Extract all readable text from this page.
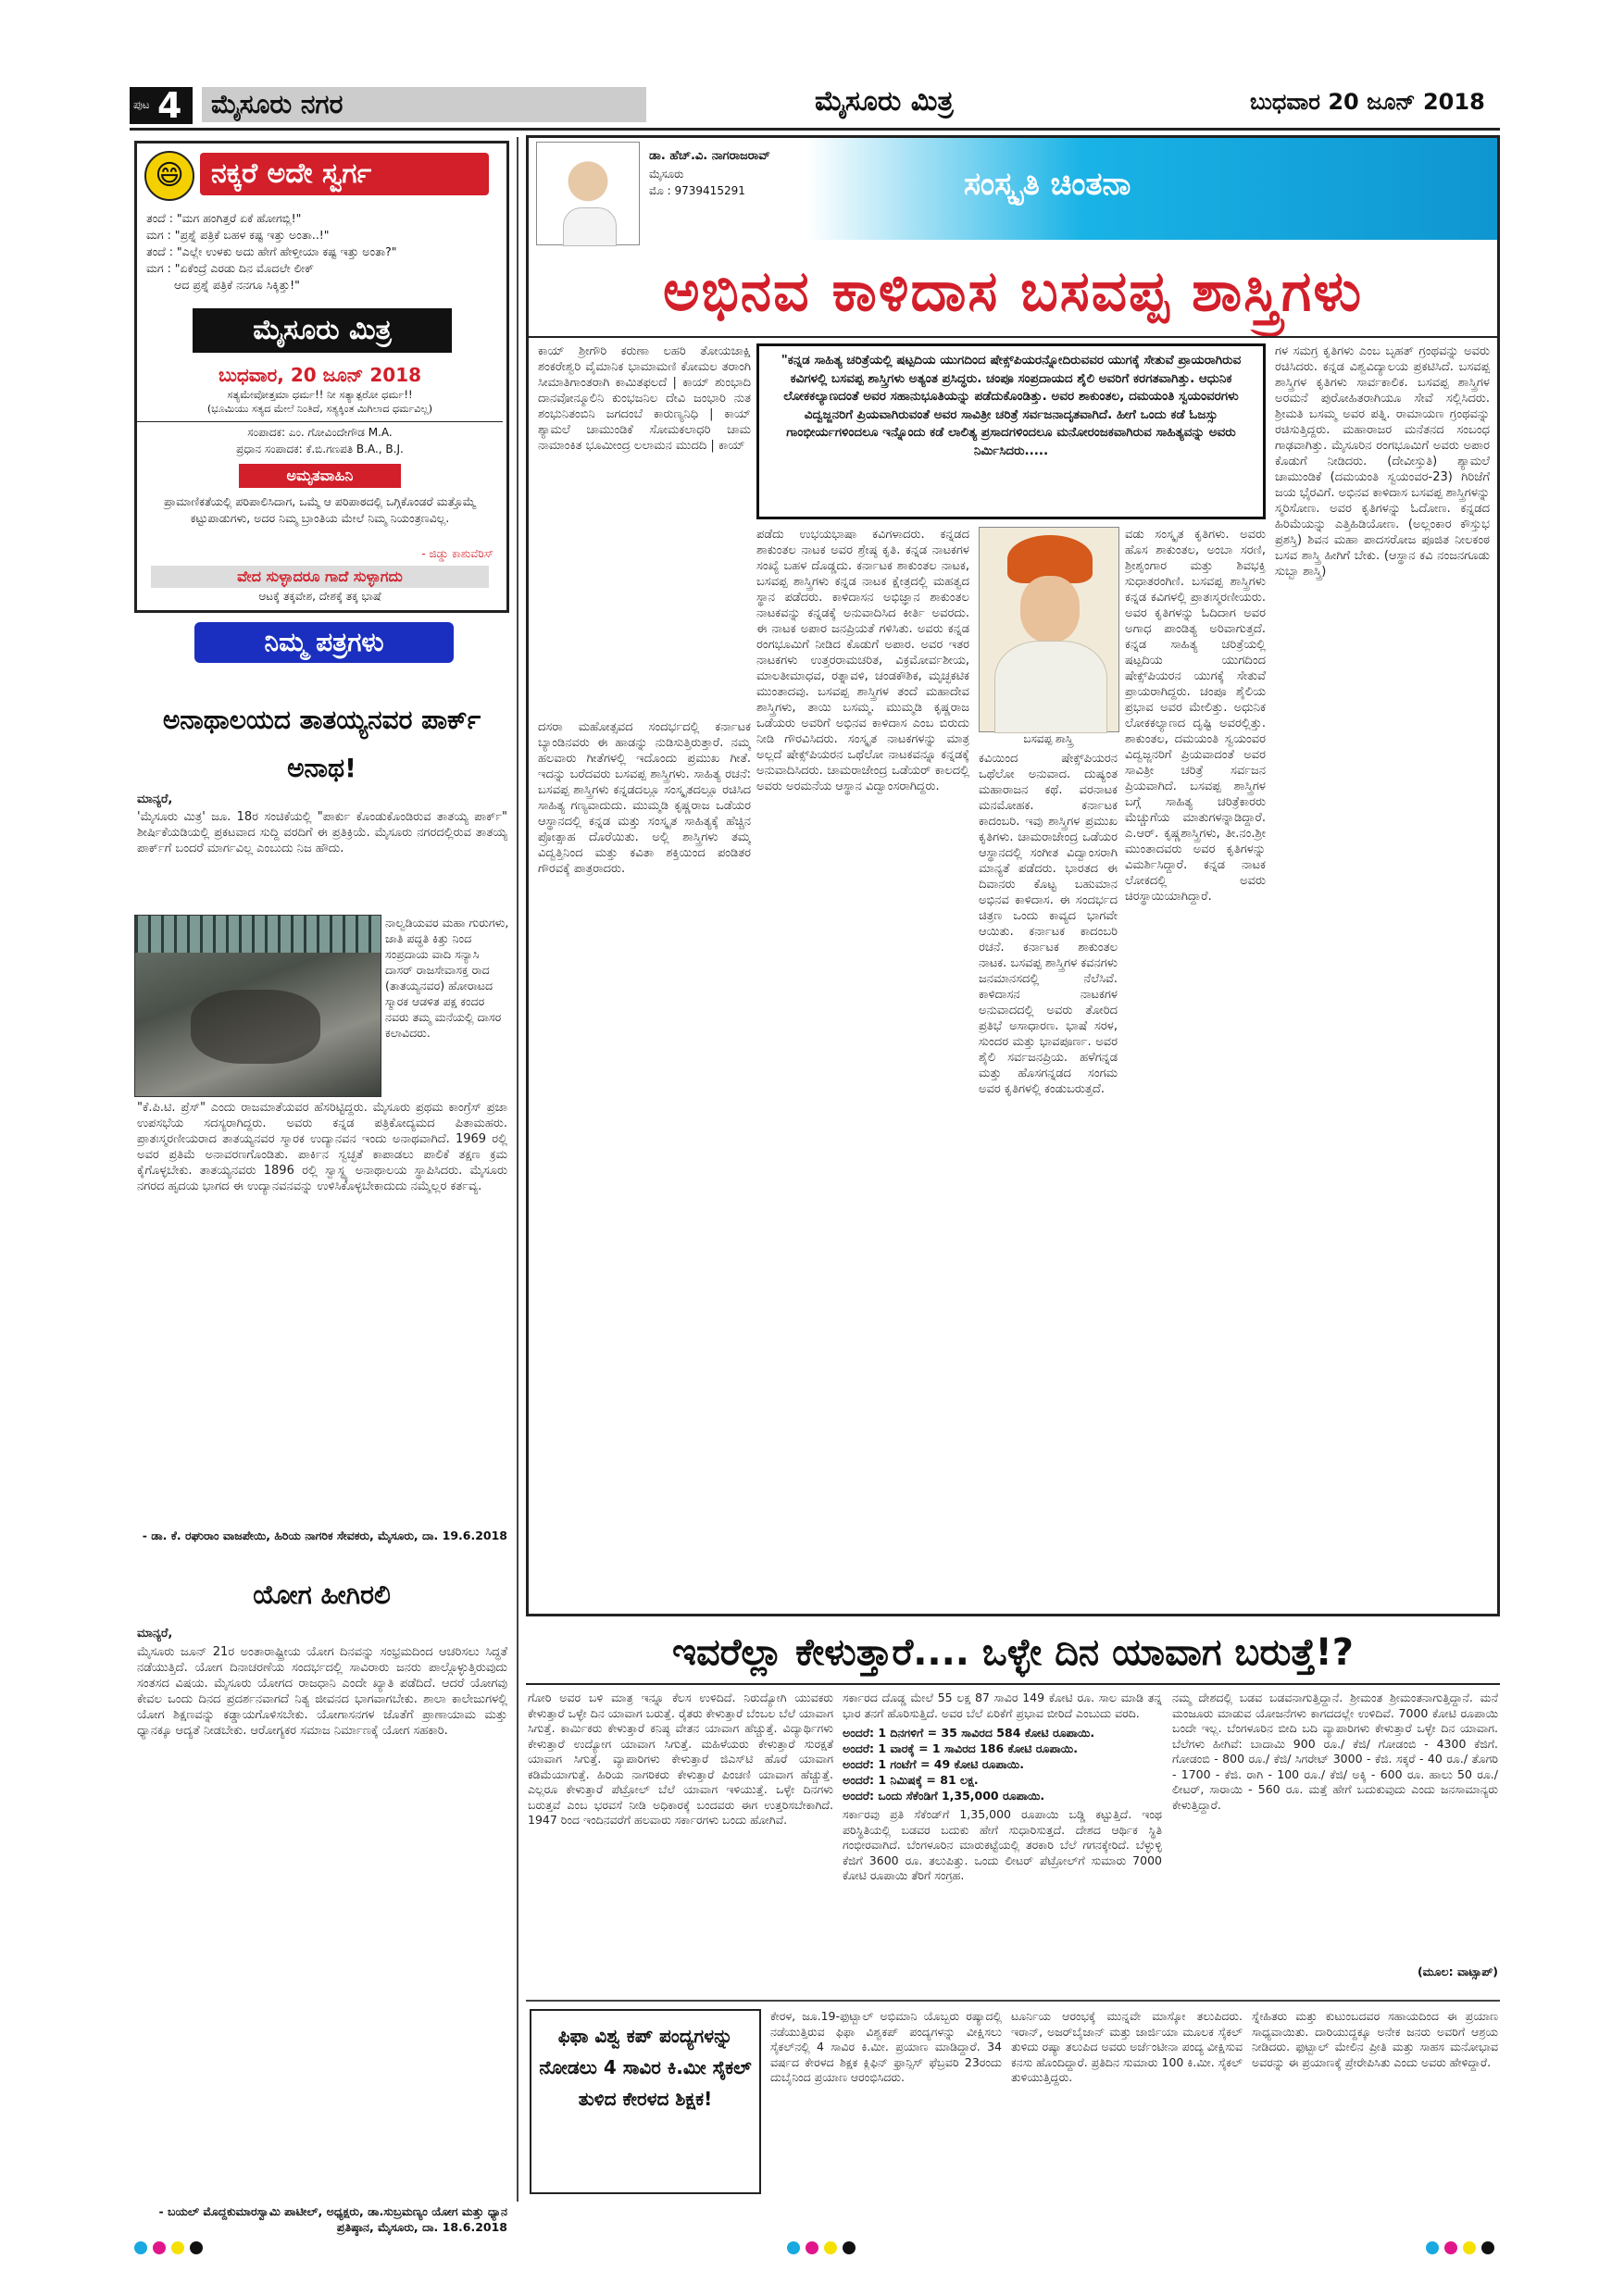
ಪುಟ 4	ಮೈಸೂರು ನಗರ	ಮೈಸೂರು ಮಿತ್ರ	ಬುಧವಾರ 20 ಜೂನ್ 2018
😄 ನಕ್ಕರೆ ಅದೇ ಸ್ವರ್ಗ
ತಂದೆ : "ಮಗ ಹಂಗಿತ್ತರೆ ಏಕೆ ಹೋಗಬ್ಲಿ!"
ಮಗ : "ಪ್ರಶ್ನೆ ಪತ್ರಿಕೆ ಬಹಳ ಕಷ್ಟ ಇತ್ತು ಅಂತಾ..!"
ತಂದೆ : "ಎಲ್ಲೇ ಉಳಕು ಅದು ಹೇಗೆ ಹೇಳ್ತೀಯಾ ಕಷ್ಟ ಇತ್ತು ಅಂತಾ?"
ಮಗ : "ಏಕೆಂದ್ರೆ ಎರಡು ದಿನ ಮೊದಲೇ ಲೀಕ್
ಆದ ಪ್ರಶ್ನೆ ಪತ್ರಿಕೆ ನನಗೂ ಸಿಕ್ಕಿತ್ತು!"
ಮೈಸೂರು ಮಿತ್ರ
ಬುಧವಾರ, 20 ಜೂನ್ 2018
ಸತ್ಯಮೇವೋತ್ತಮಾ ಧರ್ಮ!! ನೀ ಸತ್ಯಾತ್ಪರೋ ಧರ್ಮ!!
(ಭೂಮಿಯು ಸತ್ಯದ ಮೇಲೆ ನಿಂತಿದೆ, ಸತ್ಯಕ್ಕಿಂತ ಮಿಗಿಲಾದ ಧರ್ಮವಿಲ್ಲ)
ಸಂಪಾದಕ: ಎಂ. ಗೋವಿಂದೇಗೌಡ M.A.
ಪ್ರಧಾನ ಸಂಪಾದಕ: ಕೆ.ಬಿ.ಗಣಪತಿ B.A., B.J.
ಅಮೃತವಾಹಿನಿ
ಪ್ರಾಮಾಣಿಕತೆಯಲ್ಲಿ ಪರಿಪಾಲಿಸಿದಾಗ, ಒಮ್ಮೆ ಆ ಪರಿಪಾಠದಲ್ಲಿ ಒಗ್ಗಿಕೊಂಡರೆ ಮತ್ತೊಮ್ಮೆ ಕಟ್ಟುಪಾಡುಗಳು, ಅದರ ನಿಮ್ಮ ಬ್ರಾಂತಿಯ ಮೇಲೆ ನಿಮ್ಮ ನಿಯಂತ್ರಣವಿಲ್ಲ.
- ಜಿಡ್ಡು ಕಾಶುವೆರಿಸ್
ವೇದ ಸುಳ್ಳಾದರೂ ಗಾದೆ ಸುಳ್ಳಾಗದು
ಆಟಕ್ಕೆ ತಕ್ಕವೇಶ, ದೇಶಕ್ಕೆ ತಕ್ಕ ಭಾಷೆ
ನಿಮ್ಮ ಪತ್ರಗಳು
ಅನಾಥಾಲಯದ ತಾತಯ್ಯನವರ ಪಾರ್ಕ್ ಅನಾಥ!
ಮಾನ್ಯರೆ,
'ಮೈಸೂರು ಮಿತ್ರ' ಜೂ. 18ರ ಸಂಚಿಕೆಯಲ್ಲಿ "ಪಾರ್ಕು ಕೊಂಡುಕೊಂಡಿರುವ ತಾತಯ್ಯ ಪಾರ್ಕ್" ಶೀರ್ಷಿಕೆಯಡಿಯಲ್ಲಿ ಪ್ರಕಟವಾದ ಸುದ್ದಿ ವರದಿಗೆ ಈ ಪ್ರತಿಕ್ರಿಯೆ. ಮೈಸೂರು ನಗರದಲ್ಲಿರುವ ತಾತಯ್ಯ ಪಾರ್ಕ್‌ಗೆ ಬಂದರೆ ಮಾರ್ಗವಿಲ್ಲ ಎಂಬುದು ನಿಜ ಹೌದು.
ನಾಲ್ವಡಿಯವರ ಮಹಾ ಗುರುಗಳು, ಜಾತಿ ಪದ್ಧತಿ ಕಿತ್ತು ನಿಂದ ಸಂಪ್ರದಾಯ ವಾದಿ ಸನ್ಯಾಸಿ ದಾಸರ್‌ ರಾಜಸೇವಾಸಕ್ತ ರಾದ (ತಾತಯ್ಯನವರ) ಹೋರಾಟದ ಸ್ಮಾರಕ ಆಡಳಿತ ಪಕ್ಷ ಕಂದರ ನವರು ತಮ್ಮ ಮನೆಯಲ್ಲಿ ದಾಸರ ಕಲಾವಿದರು.
"ಕೆ.ಪಿ.ಟಿ. ಪ್ರೆಸ್" ಎಂದು ರಾಜಮಾತೆಯವರ ಹೆಸರಿಟ್ಟಿದ್ದರು. ಮೈಸೂರು ಪ್ರಥಮ ಕಾಂಗ್ರೆಸ್ ಪ್ರಜಾ ಉಪಸಭೆಯ ಸದಸ್ಯರಾಗಿದ್ದರು. ಅವರು ಕನ್ನಡ ಪತ್ರಿಕೋದ್ಯಮದ ಪಿತಾಮಹರು. ಪ್ರಾತಃಸ್ಮರಣೀಯರಾದ ತಾತಯ್ಯನವರ ಸ್ಮಾರಕ ಉದ್ಯಾನವನ ಇಂದು ಅನಾಥವಾಗಿದೆ. 1969 ರಲ್ಲಿ ಅವರ ಪ್ರತಿಮೆ ಅನಾವರಣಗೊಂಡಿತು. ಪಾರ್ಕಿನ ಸ್ವಚ್ಛತೆ ಕಾಪಾಡಲು ಪಾಲಿಕೆ ತಕ್ಷಣ ಕ್ರಮ ಕೈಗೊಳ್ಳಬೇಕು. ತಾತಯ್ಯನವರು 1896 ರಲ್ಲಿ ಸ್ವಾಸ್ಥ್ಯ ಅನಾಥಾಲಯ ಸ್ಥಾಪಿಸಿದರು. ಮೈಸೂರು ನಗರದ ಹೃದಯ ಭಾಗದ ಈ ಉದ್ಯಾನವನವನ್ನು ಉಳಿಸಿಕೊಳ್ಳಬೇಕಾದುದು ನಮ್ಮೆಲ್ಲರ ಕರ್ತವ್ಯ.
- ಡಾ. ಕೆ. ರಘುರಾಂ ವಾಜಪೇಯಿ, ಹಿರಿಯ ನಾಗರಿಕ ಸೇವಕರು, ಮೈಸೂರು, ದಾ. 19.6.2018
ಯೋಗ ಹೀಗಿರಲಿ
ಮಾನ್ಯರೆ,
ಮೈಸೂರು ಜೂನ್ 21ರ ಅಂತಾರಾಷ್ಟ್ರೀಯ ಯೋಗ ದಿನವನ್ನು ಸಂಭ್ರಮದಿಂದ ಆಚರಿಸಲು ಸಿದ್ಧತೆ ನಡೆಯುತ್ತಿದೆ. ಯೋಗ ದಿನಾಚರಣೆಯ ಸಂದರ್ಭದಲ್ಲಿ ಸಾವಿರಾರು ಜನರು ಪಾಲ್ಗೊಳ್ಳುತ್ತಿರುವುದು ಸಂತಸದ ವಿಷಯ. ಮೈಸೂರು ಯೋಗದ ರಾಜಧಾನಿ ಎಂದೇ ಖ್ಯಾತಿ ಪಡೆದಿದೆ. ಆದರೆ ಯೋಗವು ಕೇವಲ ಒಂದು ದಿನದ ಪ್ರದರ್ಶನವಾಗದೆ ನಿತ್ಯ ಜೀವನದ ಭಾಗವಾಗಬೇಕು. ಶಾಲಾ ಕಾಲೇಜುಗಳಲ್ಲಿ ಯೋಗ ಶಿಕ್ಷಣವನ್ನು ಕಡ್ಡಾಯಗೊಳಿಸಬೇಕು. ಯೋಗಾಸನಗಳ ಜೊತೆಗೆ ಪ್ರಾಣಾಯಾಮ ಮತ್ತು ಧ್ಯಾನಕ್ಕೂ ಆದ್ಯತೆ ನೀಡಬೇಕು. ಆರೋಗ್ಯಕರ ಸಮಾಜ ನಿರ್ಮಾಣಕ್ಕೆ ಯೋಗ ಸಹಕಾರಿ.
- ಬಯಲ್ ಮೊದ್ದಕುಮಾರಸ್ವಾಮಿ ಪಾಟೀಲ್, ಅಧ್ಯಕ್ಷರು, ಡಾ.ಸುಬ್ರಮಣ್ಯಂ ಯೋಗ ಮತ್ತು ಧ್ಯಾನ ಪ್ರತಿಷ್ಠಾನ, ಮೈಸೂರು, ದಾ. 18.6.2018
ಡಾ. ಹೆಚ್.ವಿ. ನಾಗರಾಜರಾವ್
ಮೈಸೂರು
ಮೊ : 9739415291	ಸಂಸ್ಕೃತಿ ಚಿಂತನಾ
ಅಭಿನವ ಕಾಳಿದಾಸ ಬಸವಪ್ಪ ಶಾಸ್ತ್ರಿಗಳು
ಕಾಯ್ ಶ್ರೀಗೌರಿ ಕರುಣಾ ಲಹರಿ ತೋಯಜಾಕ್ಷಿ ಶಂಕರೇಶ್ವರಿ ವೈಮಾನಿಕ ಭಾಮಾಮಣಿ ಕೋಮಲ ತರಾಂಗಿ ಸೀಮಾತಿಗಾಂತರಾಗಿ ಕಾಮಿತಫಲದೆ | ಕಾಯ್ ಶುಂಭಾದಿ ದಾನವೋನ್ಮೂಲಿನಿ ಕುಂಭಜನಿಲ ದೇವಿ ಜಂಭಾರಿ ನುತ ಶಂಭುನಿತಂಬಿನಿ ಜಗದಂಬೆ ಕಾರುಣ್ಯನಿಧಿ | ಕಾಯ್ ಶ್ಯಾಮಲೆ ಚಾಮುಂಡಿಕೆ ಸೋಮಕಲಾಧರಿ ಚಾಮ ನಾಮಾಂಕಿತ ಭೂಮೀಂದ್ರ ಲಲಾಮನ ಮುದದಿ | ಕಾಯ್
ದಸರಾ ಮಹೋತ್ಸವದ ಸಂದರ್ಭದಲ್ಲಿ ಕರ್ನಾಟಕ ಬ್ಯಾಂಡಿನವರು ಈ ಹಾಡನ್ನು ನುಡಿಸುತ್ತಿರುತ್ತಾರೆ. ನಮ್ಮ ಹಲವಾರು ಗೀತೆಗಳಲ್ಲಿ ಇದೊಂದು ಪ್ರಮುಖ ಗೀತೆ. ಇದನ್ನು ಬರೆದವರು ಬಸವಪ್ಪ ಶಾಸ್ತ್ರಿಗಳು. ಸಾಹಿತ್ಯ ರಚನೆ: ಬಸವಪ್ಪ ಶಾಸ್ತ್ರಿಗಳು ಕನ್ನಡದಲ್ಲೂ ಸಂಸ್ಕೃತದಲ್ಲೂ ರಚಿಸಿದ ಸಾಹಿತ್ಯ ಗಣ್ಯವಾದುದು. ಮುಮ್ಮಡಿ ಕೃಷ್ಣರಾಜ ಒಡೆಯರ ಆಸ್ಥಾನದಲ್ಲಿ ಕನ್ನಡ ಮತ್ತು ಸಂಸ್ಕೃತ ಸಾಹಿತ್ಯಕ್ಕೆ ಹೆಚ್ಚಿನ ಪ್ರೋತ್ಸಾಹ ದೊರೆಯಿತು. ಅಲ್ಲಿ ಶಾಸ್ತ್ರಿಗಳು ತಮ್ಮ ವಿದ್ವತ್ತಿನಿಂದ ಮತ್ತು ಕವಿತಾ ಶಕ್ತಿಯಿಂದ ಪಂಡಿತರ ಗೌರವಕ್ಕೆ ಪಾತ್ರರಾದರು.
"ಕನ್ನಡ ಸಾಹಿತ್ಯ ಚರಿತ್ರೆಯಲ್ಲಿ ಷಟ್ಪದಿಯ ಯುಗದಿಂದ ಷೇಕ್ಸ್‌ಪಿಯರನ್ನೋದಿರುವವರ ಯುಗಕ್ಕೆ ಸೇತುವೆ ಪ್ರಾಯರಾಗಿರುವ ಕವಿಗಳಲ್ಲಿ ಬಸವಪ್ಪ ಶಾಸ್ತ್ರಿಗಳು ಅತ್ಯಂತ ಪ್ರಸಿದ್ಧರು. ಚಂಪೂ ಸಂಪ್ರದಾಯದ ಶೈಲಿ ಅವರಿಗೆ ಕರಗತವಾಗಿತ್ತು. ಆಧುನಿಕ ಲೋಕಕಲ್ಯಾಣದಂತೆ ಅವರ ಸಹಾನುಭೂತಿಯನ್ನು ಪಡೆದುಕೊಂಡಿತ್ತು. ಅವರ ಶಾಕುಂತಲ, ದಮಯಂತಿ ಸ್ವಯಂವರಗಳು ವಿದ್ವಜ್ಜನರಿಗೆ ಪ್ರಿಯವಾಗಿರುವಂತೆ ಅವರ ಸಾವಿತ್ರೀ ಚರಿತ್ರೆ ಸರ್ವಜನಾದೃತವಾಗಿದೆ. ಹೀಗೆ ಒಂದು ಕಡೆ ಓಜಸ್ಸು ಗಾಂಭೀರ್ಯಗಳಿಂದಲೂ ಇನ್ನೊಂದು ಕಡೆ ಲಾಲಿತ್ಯ ಪ್ರಸಾದಗಳಿಂದಲೂ ಮನೋರಂಜಕವಾಗಿರುವ ಸಾಹಿತ್ಯವನ್ನು ಅವರು ನಿರ್ಮಿಸಿದರು.....
ಪಡೆದು ಉಭಯಭಾಷಾ ಕವಿಗಳಾದರು. ಕನ್ನಡದ ಶಾಕುಂತಲ ನಾಟಕ ಅವರ ಶ್ರೇಷ್ಠ ಕೃತಿ. ಕನ್ನಡ ನಾಟಕಗಳ ಸಂಖ್ಯೆ ಬಹಳ ದೊಡ್ಡದು. ಕರ್ನಾಟಕ ಶಾಕುಂತಲ ನಾಟಕ, ಬಸವಪ್ಪ ಶಾಸ್ತ್ರಿಗಳು ಕನ್ನಡ ನಾಟಕ ಕ್ಷೇತ್ರದಲ್ಲಿ ಮಹತ್ವದ ಸ್ಥಾನ ಪಡೆದರು. ಕಾಳಿದಾಸನ ಅಭಿಜ್ಞಾನ ಶಾಕುಂತಲ ನಾಟಕವನ್ನು ಕನ್ನಡಕ್ಕೆ ಅನುವಾದಿಸಿದ ಕೀರ್ತಿ ಅವರದು. ಈ ನಾಟಕ ಅಪಾರ ಜನಪ್ರಿಯತೆ ಗಳಿಸಿತು. ಅವರು ಕನ್ನಡ ರಂಗಭೂಮಿಗೆ ನೀಡಿದ ಕೊಡುಗೆ ಅಪಾರ. ಅವರ ಇತರ ನಾಟಕಗಳು ಉತ್ತರರಾಮಚರಿತ, ವಿಕ್ರಮೋರ್ವಶೀಯ, ಮಾಲತೀಮಾಧವ, ರತ್ನಾವಳಿ, ಚಂಡಕೌಶಿಕ, ಮೃಚ್ಛಕಟಿಕ ಮುಂತಾದವು. ಬಸವಪ್ಪ ಶಾಸ್ತ್ರಿಗಳ ತಂದೆ ಮಹಾದೇವ ಶಾಸ್ತ್ರಿಗಳು, ತಾಯಿ ಬಸಮ್ಮ. ಮುಮ್ಮಡಿ ಕೃಷ್ಣರಾಜ ಒಡೆಯರು ಅವರಿಗೆ ಅಭಿನವ ಕಾಳಿದಾಸ ಎಂಬ ಬಿರುದು ನೀಡಿ ಗೌರವಿಸಿದರು. ಸಂಸ್ಕೃತ ನಾಟಕಗಳನ್ನು ಮಾತ್ರ ಅಲ್ಲದೆ ಷೇಕ್ಸ್‌ಪಿಯರನ ಒಥೆಲೋ ನಾಟಕವನ್ನೂ ಕನ್ನಡಕ್ಕೆ ಅನುವಾದಿಸಿದರು. ಚಾಮರಾಜೇಂದ್ರ ಒಡೆಯರ್ ಕಾಲದಲ್ಲಿ ಅವರು ಅರಮನೆಯ ಆಸ್ಥಾನ ವಿದ್ವಾಂಸರಾಗಿದ್ದರು.
ಬಸವಪ್ಪ ಶಾಸ್ತ್ರಿ
ಕವಿಯಿಂದ ಷೇಕ್ಸ್‌ಪಿಯರನ ಒಥೆಲೋ ಅನುವಾದ. ದುಷ್ಯಂತ ಮಹಾರಾಜನ ಕಥೆ. ವರನಾಟಕ ಮನಮೋಹಕ. ಕರ್ನಾಟಕ ಕಾದಂಬರಿ. ಇವು ಶಾಸ್ತ್ರಿಗಳ ಪ್ರಮುಖ ಕೃತಿಗಳು. ಚಾಮರಾಜೇಂದ್ರ ಒಡೆಯರ ಆಸ್ಥಾನದಲ್ಲಿ ಸಂಗೀತ ವಿದ್ವಾಂಸರಾಗಿ ಮಾನ್ಯತೆ ಪಡೆದರು. ಭಾರತದ ಈ ದಿವಾನರು ಕೊಟ್ಟ ಬಹುಮಾನ ಅಭಿನವ ಕಾಳಿದಾಸ. ಈ ಸಂದರ್ಭದ ಚಿತ್ರಣ ಒಂದು ಕಾವ್ಯದ ಭಾಗವೇ ಆಯಿತು. ಕರ್ನಾಟಕ ಕಾದಂಬರಿ ರಚನೆ. ಕರ್ನಾಟಕ ಶಾಕುಂತಲ ನಾಟಕ. ಬಸವಪ್ಪ ಶಾಸ್ತ್ರಿಗಳ ಕವನಗಳು ಜನಮಾನಸದಲ್ಲಿ ನೆಲೆಸಿವೆ. ಕಾಳಿದಾಸನ ನಾಟಕಗಳ ಅನುವಾದದಲ್ಲಿ ಅವರು ತೋರಿದ ಪ್ರತಿಭೆ ಅಸಾಧಾರಣ. ಭಾಷೆ ಸರಳ, ಸುಂದರ ಮತ್ತು ಭಾವಪೂರ್ಣ. ಅವರ ಶೈಲಿ ಸರ್ವಜನಪ್ರಿಯ. ಹಳೆಗನ್ನಡ ಮತ್ತು ಹೊಸಗನ್ನಡದ ಸಂಗಮ ಅವರ ಕೃತಿಗಳಲ್ಲಿ ಕಂಡುಬರುತ್ತದೆ.
ವಡು ಸಂಸ್ಕೃತ ಕೃತಿಗಳು. ಅವರು ಹೊಸ ಶಾಕುಂತಲ, ಅಂಬಾ ಸರಣಿ, ಶ್ರೀಶೃಂಗಾರ ಮತ್ತು ಶಿವಭಕ್ತಿ ಸುಧಾತರಂಗಿಣಿ. ಬಸವಪ್ಪ ಶಾಸ್ತ್ರಿಗಳು ಕನ್ನಡ ಕವಿಗಳಲ್ಲಿ ಪ್ರಾತಃಸ್ಮರಣೀಯರು. ಅವರ ಕೃತಿಗಳನ್ನು ಓದಿದಾಗ ಅವರ ಅಗಾಧ ಪಾಂಡಿತ್ಯ ಅರಿವಾಗುತ್ತದೆ. ಕನ್ನಡ ಸಾಹಿತ್ಯ ಚರಿತ್ರೆಯಲ್ಲಿ ಷಟ್ಪದಿಯ ಯುಗದಿಂದ ಷೇಕ್ಸ್‌ಪಿಯರನ ಯುಗಕ್ಕೆ ಸೇತುವೆ ಪ್ರಾಯರಾಗಿದ್ದರು. ಚಂಪೂ ಶೈಲಿಯ ಪ್ರಭಾವ ಅವರ ಮೇಲಿತ್ತು. ಅಧುನಿಕ ಲೋಕಕಲ್ಯಾಣದ ದೃಷ್ಟಿ ಅವರಲ್ಲಿತ್ತು. ಶಾಕುಂತಲ, ದಮಯಂತಿ ಸ್ವಯಂವರ ವಿದ್ವಜ್ಜನರಿಗೆ ಪ್ರಿಯವಾದಂತೆ ಅವರ ಸಾವಿತ್ರೀ ಚರಿತ್ರೆ ಸರ್ವಜನ ಪ್ರಿಯವಾಗಿದೆ. ಬಸವಪ್ಪ ಶಾಸ್ತ್ರಿಗಳ ಬಗ್ಗೆ ಸಾಹಿತ್ಯ ಚರಿತ್ರೆಕಾರರು ಮೆಚ್ಚುಗೆಯ ಮಾತುಗಳನ್ನಾಡಿದ್ದಾರೆ. ಎ.ಆರ್. ಕೃಷ್ಣಶಾಸ್ತ್ರಿಗಳು, ತೀ.ನಂ.ಶ್ರೀ ಮುಂತಾದವರು ಅವರ ಕೃತಿಗಳನ್ನು ವಿಮರ್ಶಿಸಿದ್ದಾರೆ. ಕನ್ನಡ ನಾಟಕ ಲೋಕದಲ್ಲಿ ಅವರು ಚಿರಸ್ಥಾಯಿಯಾಗಿದ್ದಾರೆ.
ಗಳ ಸಮಗ್ರ ಕೃತಿಗಳು ಎಂಬ ಬೃಹತ್ ಗ್ರಂಥವನ್ನು ಅವರು ರಚಿಸಿದರು. ಕನ್ನಡ ವಿಶ್ವವಿದ್ಯಾಲಯ ಪ್ರಕಟಿಸಿದೆ. ಬಸವಪ್ಪ ಶಾಸ್ತ್ರಿಗಳ ಕೃತಿಗಳು ಸಾರ್ವಕಾಲಿಕ. ಬಸವಪ್ಪ ಶಾಸ್ತ್ರಿಗಳ ಅರಮನೆ ಪುರೋಹಿತರಾಗಿಯೂ ಸೇವೆ ಸಲ್ಲಿಸಿದರು. ಶ್ರೀಮತಿ ಬಸಮ್ಮ ಅವರ ಪತ್ನಿ. ರಾಮಾಯಣ ಗ್ರಂಥವನ್ನು ರಚಿಸುತ್ತಿದ್ದರು. ಮಹಾರಾಜರ ಮನೆತನದ ಸಂಬಂಧ ಗಾಢವಾಗಿತ್ತು. ಮೈಸೂರಿನ ರಂಗಭೂಮಿಗೆ ಅವರು ಅಪಾರ ಕೊಡುಗೆ ನೀಡಿದರು. (ದೇವೀಸ್ತುತಿ) ಶ್ಯಾಮಲೆ ಚಾಮುಂಡಿಕೆ (ದಮಯಂತಿ ಸ್ವಯಂವರ-23) ಗಿರಿಜೆಗೆ ಜಯ ಭೈರವಿಗೆ. ಅಭಿನವ ಕಾಳಿದಾಸ ಬಸವಪ್ಪ ಶಾಸ್ತ್ರಿಗಳನ್ನು ಸ್ಮರಿಸೋಣ. ಅವರ ಕೃತಿಗಳನ್ನು ಓದೋಣ. ಕನ್ನಡದ ಹಿರಿಮೆಯನ್ನು ಎತ್ತಿಹಿಡಿಯೋಣ. (ಅಲ್ಲಂಕಾರ ಕೌಸ್ತುಭ ಪ್ರಶಸ್ತಿ) ಶಿವನ ಮಹಾ ಪಾದಸರೋಜ ಪೂಜಿತ ನೀಲಕಂಠ ಬಸವ ಶಾಸ್ತ್ರಿ ಹೀಗಿಗೆ ಬೇಕು. (ಆಸ್ಥಾನ ಕವಿ ನಂಜನಗೂಡು ಸುಬ್ಬಾ ಶಾಸ್ತ್ರಿ)
ಇವರೆಲ್ಲಾ ಕೇಳುತ್ತಾರೆ.... ಒಳ್ಳೇ ದಿನ ಯಾವಾಗ ಬರುತ್ತೆ!?
ಗೋರಿ ಅವರ ಬಳಿ ಮಾತ್ರ ಇನ್ನೂ ಕೆಲಸ ಉಳಿದಿದೆ. ನಿರುದ್ಯೋಗಿ ಯುವಕರು ಕೇಳುತ್ತಾರೆ ಒಳ್ಳೇ ದಿನ ಯಾವಾಗ ಬರುತ್ತೆ. ರೈತರು ಕೇಳುತ್ತಾರೆ ಬೆಂಬಲ ಬೆಲೆ ಯಾವಾಗ ಸಿಗುತ್ತೆ. ಕಾರ್ಮಿಕರು ಕೇಳುತ್ತಾರೆ ಕನಿಷ್ಠ ವೇತನ ಯಾವಾಗ ಹೆಚ್ಚುತ್ತೆ. ವಿದ್ಯಾರ್ಥಿಗಳು ಕೇಳುತ್ತಾರೆ ಉದ್ಯೋಗ ಯಾವಾಗ ಸಿಗುತ್ತೆ. ಮಹಿಳೆಯರು ಕೇಳುತ್ತಾರೆ ಸುರಕ್ಷತೆ ಯಾವಾಗ ಸಿಗುತ್ತೆ. ವ್ಯಾಪಾರಿಗಳು ಕೇಳುತ್ತಾರೆ ಜಿಎಸ್‌ಟಿ ಹೊರೆ ಯಾವಾಗ ಕಡಿಮೆಯಾಗುತ್ತೆ. ಹಿರಿಯ ನಾಗರಿಕರು ಕೇಳುತ್ತಾರೆ ಪಿಂಚಣಿ ಯಾವಾಗ ಹೆಚ್ಚುತ್ತೆ. ಎಲ್ಲರೂ ಕೇಳುತ್ತಾರೆ ಪೆಟ್ರೋಲ್ ಬೆಲೆ ಯಾವಾಗ ಇಳಿಯುತ್ತೆ. ಒಳ್ಳೇ ದಿನಗಳು ಬರುತ್ತವೆ ಎಂಬ ಭರವಸೆ ನೀಡಿ ಅಧಿಕಾರಕ್ಕೆ ಬಂದವರು ಈಗ ಉತ್ತರಿಸಬೇಕಾಗಿದೆ. 1947 ರಿಂದ ಇಂದಿನವರೆಗೆ ಹಲವಾರು ಸರ್ಕಾರಗಳು ಬಂದು ಹೋಗಿವೆ.
ಸರ್ಕಾರದ ದೊಡ್ಡ ಮೇಲೆ 55 ಲಕ್ಷ 87 ಸಾವಿರ 149 ಕೋಟಿ ರೂ. ಸಾಲ ಮಾಡಿ ತನ್ನ ಭಾರ ತನಗೆ ಹೊರಿಸುತ್ತಿದೆ. ಅವರ ಬೆಲೆ ಏರಿಕೆಗೆ ಪ್ರಭಾವ ಬೀರಿದೆ ಎಂಬುದು ವರದಿ.
ಅಂದರೆ: 1 ದಿನಗಳಿಗೆ = 35 ಸಾವಿರದ 584 ಕೋಟಿ ರೂಪಾಯಿ.
ಅಂದರೆ: 1 ವಾರಕ್ಕೆ = 1 ಸಾವಿರದ 186 ಕೋಟಿ ರೂಪಾಯಿ.
ಅಂದರೆ: 1 ಗಂಟೆಗೆ = 49 ಕೋಟಿ ರೂಪಾಯಿ.
ಅಂದರೆ: 1 ನಿಮಿಷಕ್ಕೆ = 81 ಲಕ್ಷ.
ಅಂದರೆ: ಒಂದು ಸೆಕೆಂಡಿಗೆ 1,35,000 ರೂಪಾಯಿ.
ಸರ್ಕಾರವು ಪ್ರತಿ ಸೆಕೆಂಡ್‌ಗೆ 1,35,000 ರೂಪಾಯಿ ಬಡ್ಡಿ ಕಟ್ಟುತ್ತಿದೆ. ಇಂಥ ಪರಿಸ್ಥಿತಿಯಲ್ಲಿ ಬಡವರ ಬದುಕು ಹೇಗೆ ಸುಧಾರಿಸುತ್ತದೆ. ದೇಶದ ಆರ್ಥಿಕ ಸ್ಥಿತಿ ಗಂಭೀರವಾಗಿದೆ. ಬೆಂಗಳೂರಿನ ಮಾರುಕಟ್ಟೆಯಲ್ಲಿ ತರಕಾರಿ ಬೆಲೆ ಗಗನಕ್ಕೇರಿದೆ. ಬೆಳ್ಳುಳ್ಳಿ ಕೆಜಿಗೆ 3600 ರೂ. ತಲುಪಿತ್ತು. ಒಂದು ಲೀಟರ್ ಪೆಟ್ರೋಲ್‌ಗೆ ಸುಮಾರು 7000 ಕೋಟಿ ರೂಪಾಯಿ ತೆರಿಗೆ ಸಂಗ್ರಹ.
ನಮ್ಮ ದೇಶದಲ್ಲಿ ಬಡವ ಬಡವನಾಗುತ್ತಿದ್ದಾನೆ. ಶ್ರೀಮಂತ ಶ್ರೀಮಂತನಾಗುತ್ತಿದ್ದಾನೆ. ಮನೆ ಮಂಜೂರು ಮಾಡುವ ಯೋಜನೆಗಳು ಕಾಗದದಲ್ಲೇ ಉಳಿದಿವೆ. 7000 ಕೋಟಿ ರೂಪಾಯಿ ಬಂದೇ ಇಲ್ಲ. ಬೆಂಗಳೂರಿನ ಬೀದಿ ಬದಿ ವ್ಯಾಪಾರಿಗಳು ಕೇಳುತ್ತಾರೆ ಒಳ್ಳೇ ದಿನ ಯಾವಾಗ. ಬೆಲೆಗಳು ಹೀಗಿವೆ: ಬಾದಾಮಿ 900 ರೂ./ ಕೆಜಿ/ ಗೋಡಂಬಿ - 4300 ಕೆಜಿಗೆ. ಗೋಡಂಬಿ - 800 ರೂ./ ಕೆಜಿ/ ಸಿಗರೇಟ್ 3000 - ಕೆಜಿ. ಸಕ್ಕರೆ - 40 ರೂ./ ತೊಗರಿ - 1700 - ಕೆಜಿ. ರಾಗಿ - 100 ರೂ./ ಕೆಜಿ/ ಅಕ್ಕಿ - 600 ರೂ. ಹಾಲು 50 ರೂ./ ಲೀಟರ್, ಸಾರಾಯಿ - 560 ರೂ. ಮತ್ತೆ ಹೇಗೆ ಬದುಕುವುದು ಎಂದು ಜನಸಾಮಾನ್ಯರು ಕೇಳುತ್ತಿದ್ದಾರೆ.
(ಮೂಲ: ವಾಟ್ಸಾಪ್)
ಫಿಫಾ ವಿಶ್ವ ಕಪ್ ಪಂದ್ಯಗಳನ್ನು ನೋಡಲು 4 ಸಾವಿರ ಕಿ.ಮೀ ಸೈಕಲ್ ತುಳಿದ ಕೇರಳದ ಶಿಕ್ಷಕ!
ಕೇರಳ, ಜೂ.19-ಫುಟ್ಬಾಲ್ ಅಭಿಮಾನಿ ಯೊಬ್ಬರು ರಷ್ಯಾದಲ್ಲಿ ನಡೆಯುತ್ತಿರುವ ಫಿಫಾ ವಿಶ್ವಕಪ್ ಪಂದ್ಯಗಳನ್ನು ವೀಕ್ಷಿಸಲು ಸೈಕಲ್‌ನಲ್ಲಿ 4 ಸಾವಿರ ಕಿ.ಮೀ. ಪ್ರಯಾಣ ಮಾಡಿದ್ದಾರೆ. 34 ವರ್ಷದ ಕೇರಳದ ಶಿಕ್ಷಕ ಕ್ಲಿಫಿನ್ ಫ್ರಾನ್ಸಿಸ್ ಫೆಬ್ರವರಿ 23ರಂದು ದುಬೈನಿಂದ ಪ್ರಯಾಣ ಆರಂಭಿಸಿದರು.
ಟೂರ್ನಿಯ ಆರಂಭಕ್ಕೆ ಮುನ್ನವೇ ಮಾಸ್ಕೋ ತಲುಪಿದರು. ಇರಾನ್, ಅಜರ್‌ಬೈಜಾನ್ ಮತ್ತು ಜಾರ್ಜಿಯಾ ಮೂಲಕ ಸೈಕಲ್ ತುಳಿದು ರಷ್ಯಾ ತಲುಪಿದ ಅವರು ಅರ್ಜೆಂಟೀನಾ ಪಂದ್ಯ ವೀಕ್ಷಿಸುವ ಕನಸು ಹೊಂದಿದ್ದಾರೆ. ಪ್ರತಿದಿನ ಸುಮಾರು 100 ಕಿ.ಮೀ. ಸೈಕಲ್ ತುಳಿಯುತ್ತಿದ್ದರು.
ಸ್ನೇಹಿತರು ಮತ್ತು ಕುಟುಂಬದವರ ಸಹಾಯದಿಂದ ಈ ಪ್ರಯಾಣ ಸಾಧ್ಯವಾಯಿತು. ದಾರಿಯುದ್ದಕ್ಕೂ ಅನೇಕ ಜನರು ಅವರಿಗೆ ಆಶ್ರಯ ನೀಡಿದರು. ಫುಟ್ಬಾಲ್ ಮೇಲಿನ ಪ್ರೀತಿ ಮತ್ತು ಸಾಹಸ ಮನೋಭಾವ ಅವರನ್ನು ಈ ಪ್ರಯಾಣಕ್ಕೆ ಪ್ರೇರೇಪಿಸಿತು ಎಂದು ಅವರು ಹೇಳಿದ್ದಾರೆ.
